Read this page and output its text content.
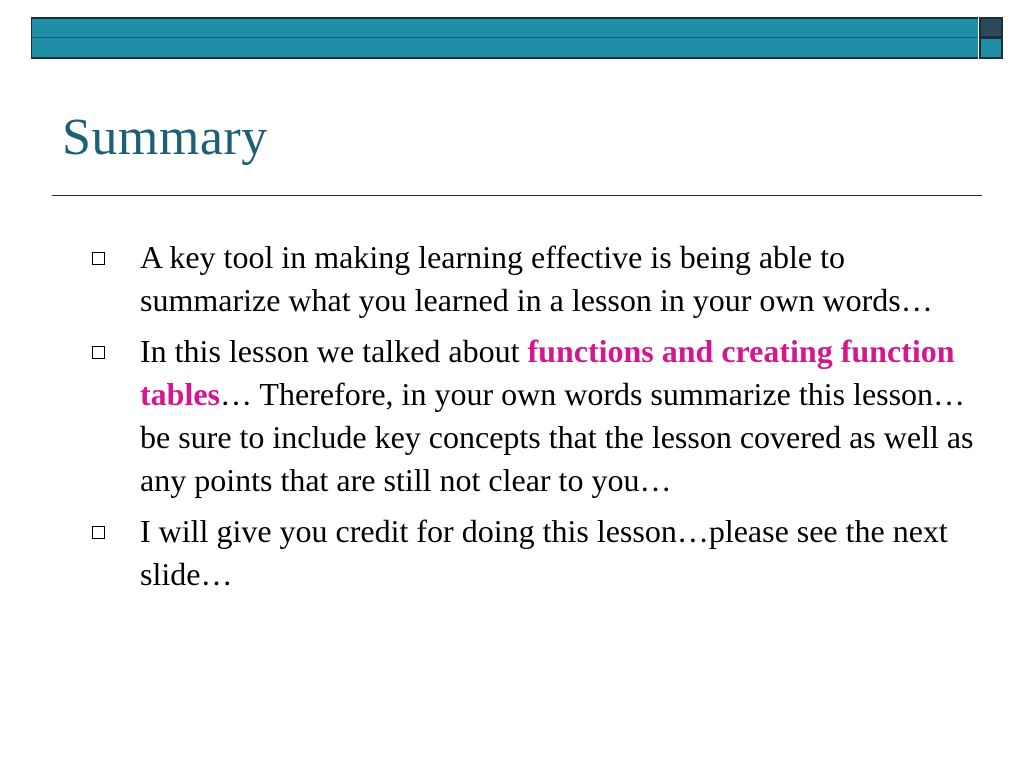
Summary
A key tool in making learning effective is being able to summarize what you learned in a lesson in your own words…
In this lesson we talked about functions and creating function tables… Therefore, in your own words summarize this lesson…be sure to include key concepts that the lesson covered as well as any points that are still not clear to you…
I will give you credit for doing this lesson…please see the next slide…
